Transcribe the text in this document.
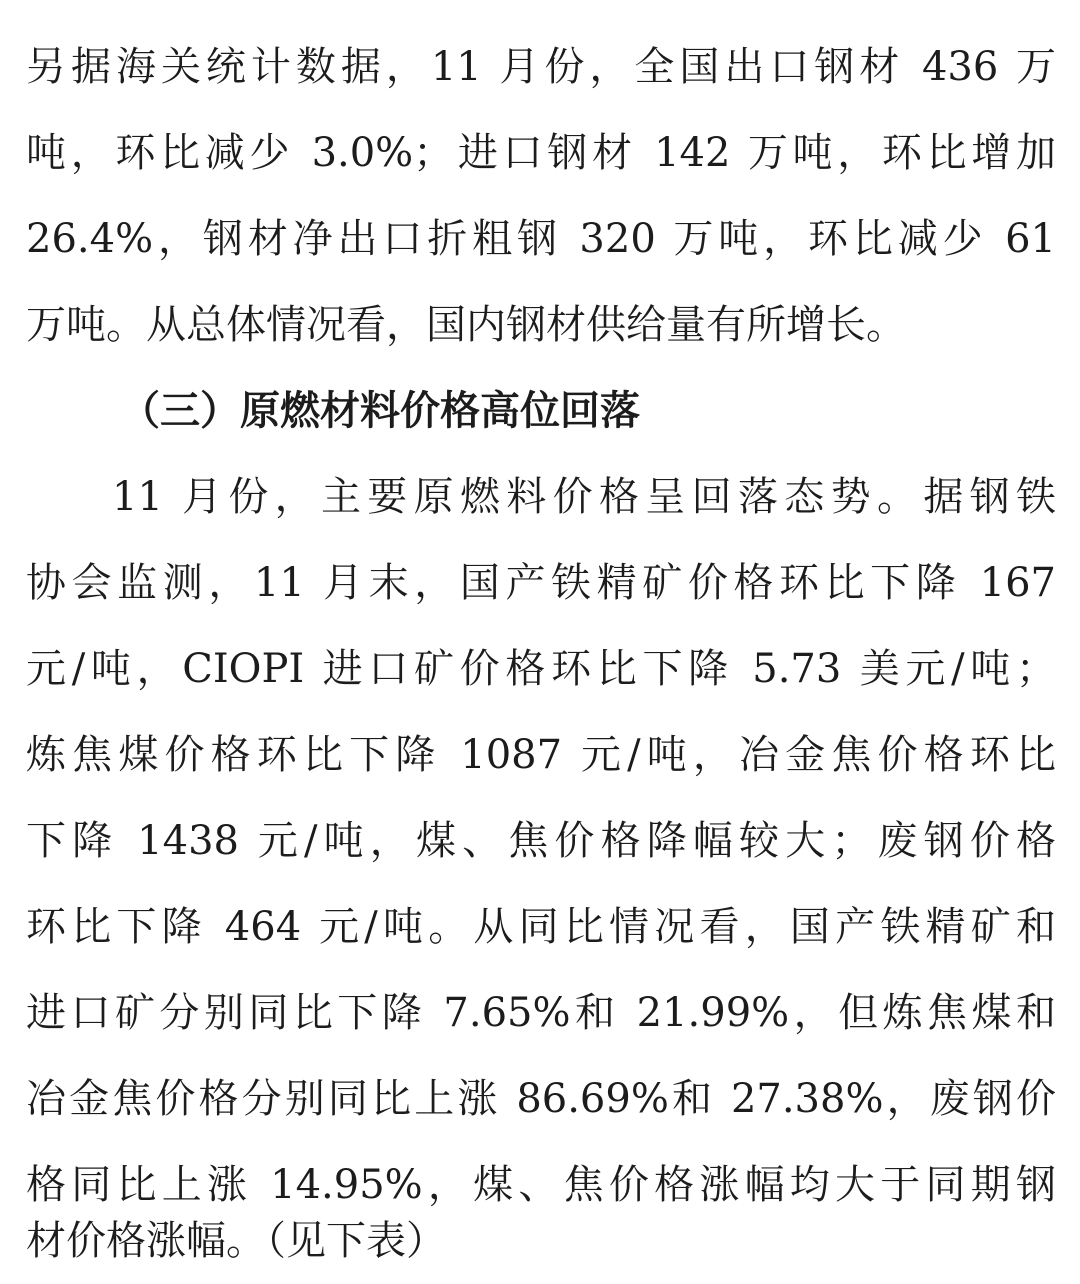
另据海关统计数据，11 月份，全国出口钢材 436 万
吨，环比减少 3.0%；进口钢材 142 万吨，环比增加
26.4%，钢材净出口折粗钢 320 万吨，环比减少 61
万吨。从总体情况看，国内钢材供给量有所增长。
（三）原燃材料价格高位回落
11 月份，主要原燃料价格呈回落态势。据钢铁
协会监测，11 月末，国产铁精矿价格环比下降 167
元/吨，CIOPI 进口矿价格环比下降 5.73 美元/吨；
炼焦煤价格环比下降 1087 元/吨，冶金焦价格环比
下降 1438 元/吨，煤、焦价格降幅较大；废钢价格
环比下降 464 元/吨。从同比情况看，国产铁精矿和
进口矿分别同比下降 7.65%和 21.99%，但炼焦煤和
冶金焦价格分别同比上涨 86.69%和 27.38%，废钢价
格同比上涨 14.95%，煤、焦价格涨幅均大于同期钢
材价格涨幅。（见下表）
